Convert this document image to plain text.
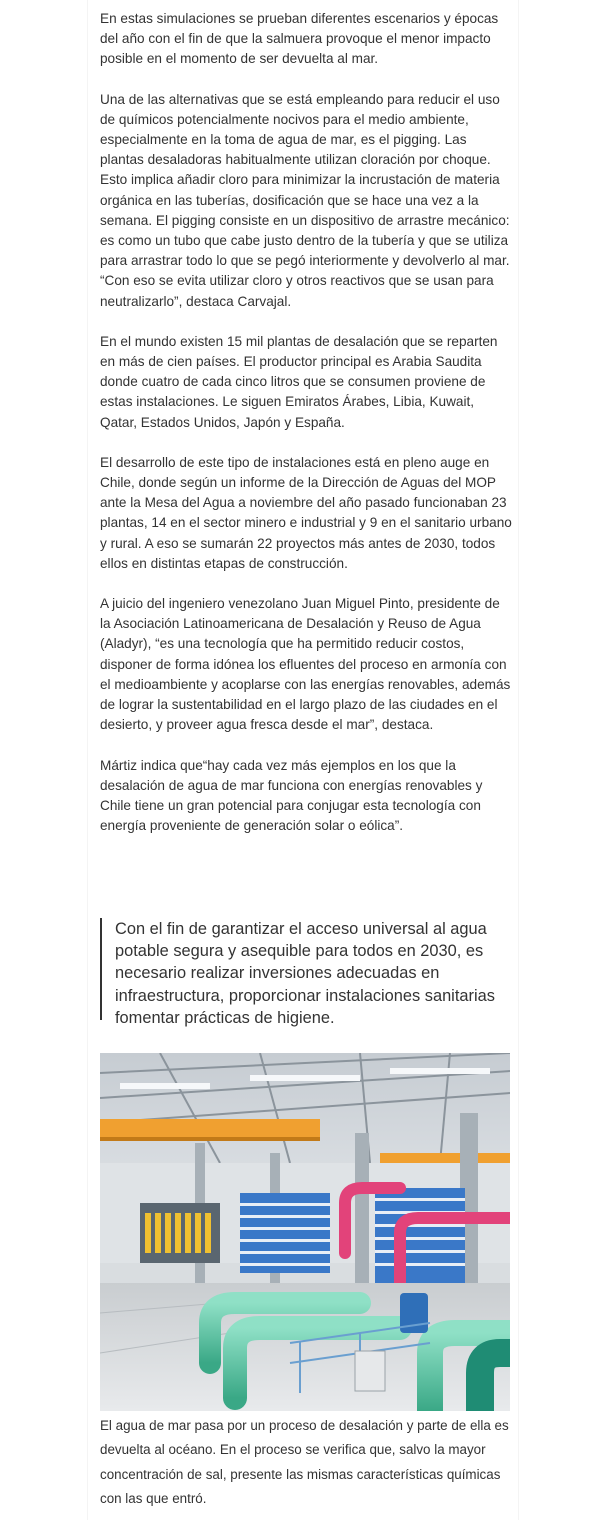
En estas simulaciones se prueban diferentes escenarios y épocas del año con el fin de que la salmuera provoque el menor impacto posible en el momento de ser devuelta al mar.

Una de las alternativas que se está empleando para reducir el uso de químicos potencialmente nocivos para el medio ambiente, especialmente en la toma de agua de mar, es el pigging. Las plantas desaladoras habitualmente utilizan cloración por choque. Esto implica añadir cloro para minimizar la incrustación de materia orgánica en las tuberías, dosificación que se hace una vez a la semana. El pigging consiste en un dispositivo de arrastre mecánico: es como un tubo que cabe justo dentro de la tubería y que se utiliza para arrastrar todo lo que se pegó interiormente y devolverlo al mar. “Con eso se evita utilizar cloro y otros reactivos que se usan para neutralizarlo”, destaca Carvajal.

En el mundo existen 15 mil plantas de desalación que se reparten en más de cien países. El productor principal es Arabia Saudita donde cuatro de cada cinco litros que se consumen proviene de estas instalaciones. Le siguen Emiratos Árabes, Libia, Kuwait, Qatar, Estados Unidos, Japón y España.

El desarrollo de este tipo de instalaciones está en pleno auge en Chile, donde según un informe de la Dirección de Aguas del MOP ante la Mesa del Agua a noviembre del año pasado funcionaban 23 plantas, 14 en el sector minero e industrial y 9 en el sanitario urbano y rural. A eso se sumarán 22 proyectos más antes de 2030, todos ellos en distintas etapas de construcción.

A juicio del ingeniero venezolano Juan Miguel Pinto, presidente de la Asociación Latinoamericana de Desalación y Reuso de Agua (Aladyr), “es una tecnología que ha permitido reducir costos, disponer de forma idónea los efluentes del proceso en armonía con el medioambiente y acoplarse con las energías renovables, además de lograr la sustentabilidad en el largo plazo de las ciudades en el desierto, y proveer agua fresca desde el mar”, destaca.

Mártiz indica que“hay cada vez más ejemplos en los que la desalación de agua de mar funciona con energías renovables y Chile tiene un gran potencial para conjugar esta tecnología con energía proveniente de generación solar o eólica”.

Con el fin de garantizar el acceso universal al agua potable segura y asequible para todos en 2030, es necesario realizar inversiones adecuadas en infraestructura, proporcionar instalaciones sanitarias fomentar prácticas de higiene.

El agua de mar pasa por un proceso de desalación y parte de ella es devuelta al océano. En el proceso se verifica que, salvo la mayor concentración de sal, presente las mismas características químicas con las que entró.
